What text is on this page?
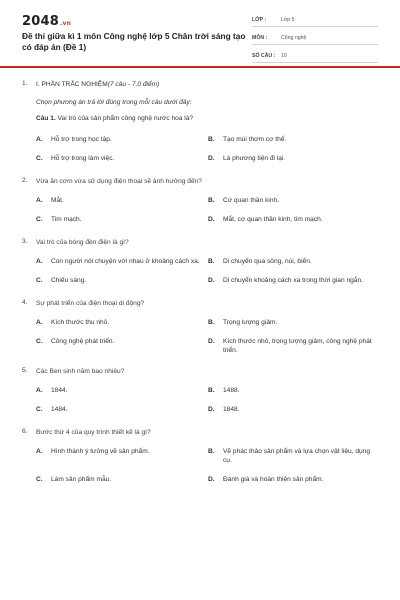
2048.vn
Đề thi giữa kì 1 môn Công nghệ lớp 5 Chân trời sáng tạo có đáp án (Đề 1)
LỚP :	Lớp 5
MÔN :	Công nghệ
SỐ CÂU :	10
1. I. PHẦN TRẮC NGHIỆM(7 câu - 7,0 điểm)
Chọn phương án trả lời đúng trong mỗi câu dưới đây:
Câu 1. Vai trò của sản phẩm công nghệ nước hoa là?
A.	Hỗ trợ trong học tập.	B.	Tạo mùi thơm cơ thể.
C.	Hỗ trợ trong làm việc.	D.	Là phương tiện đi lại.
2. Vừa ăn cơm vừa sử dụng điện thoại sẽ ảnh hưởng đến?
A.	Mắt.	B.	Cơ quan thần kinh.
C.	Tim mạch.	D.	Mắt, cơ quan thần kinh, tim mạch.
3. Vai trò của bóng đèn điện là gì?
A.	Con người nói chuyện với nhau ở khoảng cách xa.	B.	Di chuyển qua sông, núi, biển.
C.	Chiếu sáng.	D.	Di chuyển khoảng cách xa trong thời gian ngắn.
4. Sự phát triển của điện thoại di động?
A.	Kích thước thu nhỏ.	B.	Trọng lượng giảm.
C.	Công nghệ phát triển.	D.	Kích thước nhỏ, trọng lượng giảm, công nghệ phát triển.
5. Các Ben sinh năm bao nhiêu?
A.	1844.	B.	1488.
C.	1484.	D.	1848.
6. Bước thứ 4 của quy trình thiết kế là gì?
A.	Hình thành ý tưởng về sản phẩm.	B.	Vẽ phác thảo sản phẩm và lựa chọn vật liệu, dụng cụ.
C.	Làm sản phẩm mẫu.	D.	Đánh giá và hoàn thiện sản phẩm.
